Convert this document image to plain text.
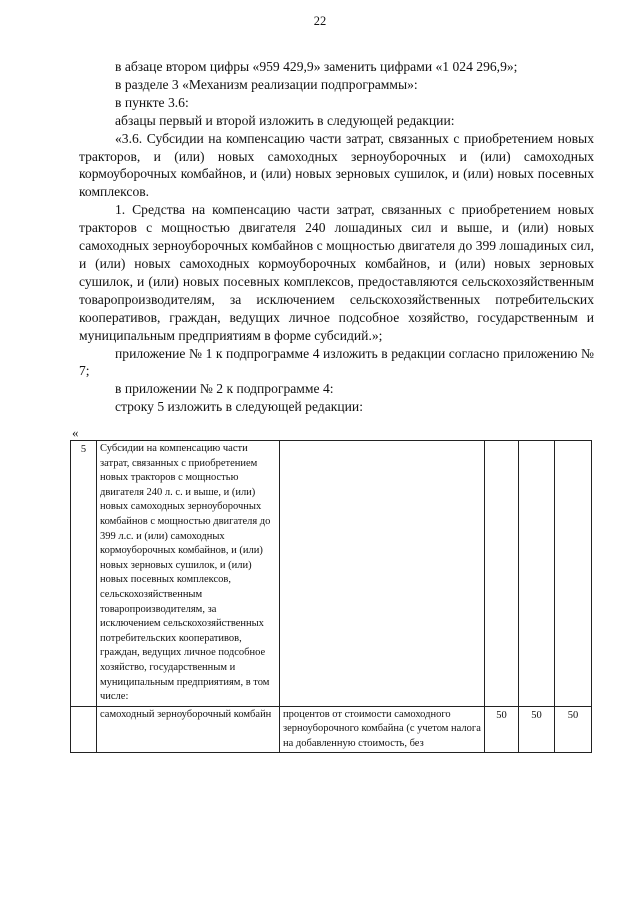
22

в абзаце втором цифры «959 429,9» заменить цифрами «1 024 296,9»;

в разделе 3 «Механизм реализации подпрограммы»:

в пункте 3.6:

абзацы первый и второй изложить в следующей редакции:

«3.6. Субсидии на компенсацию части затрат, связанных с приобретением новых тракторов, и (или) новых самоходных зерноуборочных и (или) самоходных кормоуборочных комбайнов, и (или) новых зерновых сушилок, и (или) новых посевных комплексов.

1. Средства на компенсацию части затрат, связанных с приобретением новых тракторов с мощностью двигателя 240 лошадиных сил и выше, и (или) новых самоходных зерноуборочных комбайнов с мощностью двигателя до 399 лошадиных сил, и (или) новых самоходных кормоуборочных комбайнов, и (или) новых зерновых сушилок, и (или) новых посевных комплексов, предоставляются сельскохозяйственным товаропроизводителям, за исключением сельскохозяйственных потребительских кооперативов, граждан, ведущих личное подсобное хозяйство, государственным и муниципальным предприятиям в форме субсидий.»;

приложение № 1 к подпрограмме 4 изложить в редакции согласно приложению № 7;

в приложении № 2 к подпрограмме 4:

строку 5 изложить в следующей редакции:

«
5	Субсидии на компенсацию части затрат, связанных с приобретением новых тракторов с мощностью двигателя 240 л. с. и выше, и (или) новых самоходных зерноуборочных комбайнов с мощностью двигателя до 399 л.с. и (или) самоходных кормоуборочных комбайнов, и (или) новых зерновых сушилок, и (или) новых посевных комплексов, сельскохозяйственным товаропроизводителям, за исключением сельскохозяйственных потребительских кооперативов, граждан, ведущих личное подсобное хозяйство, государственным и муниципальным предприятиям, в том числе:				
	самоходный зерноуборочный комбайн	процентов от стоимости самоходного зерноуборочного комбайна (с учетом налога на добавленную стоимость, без	50	50	50
